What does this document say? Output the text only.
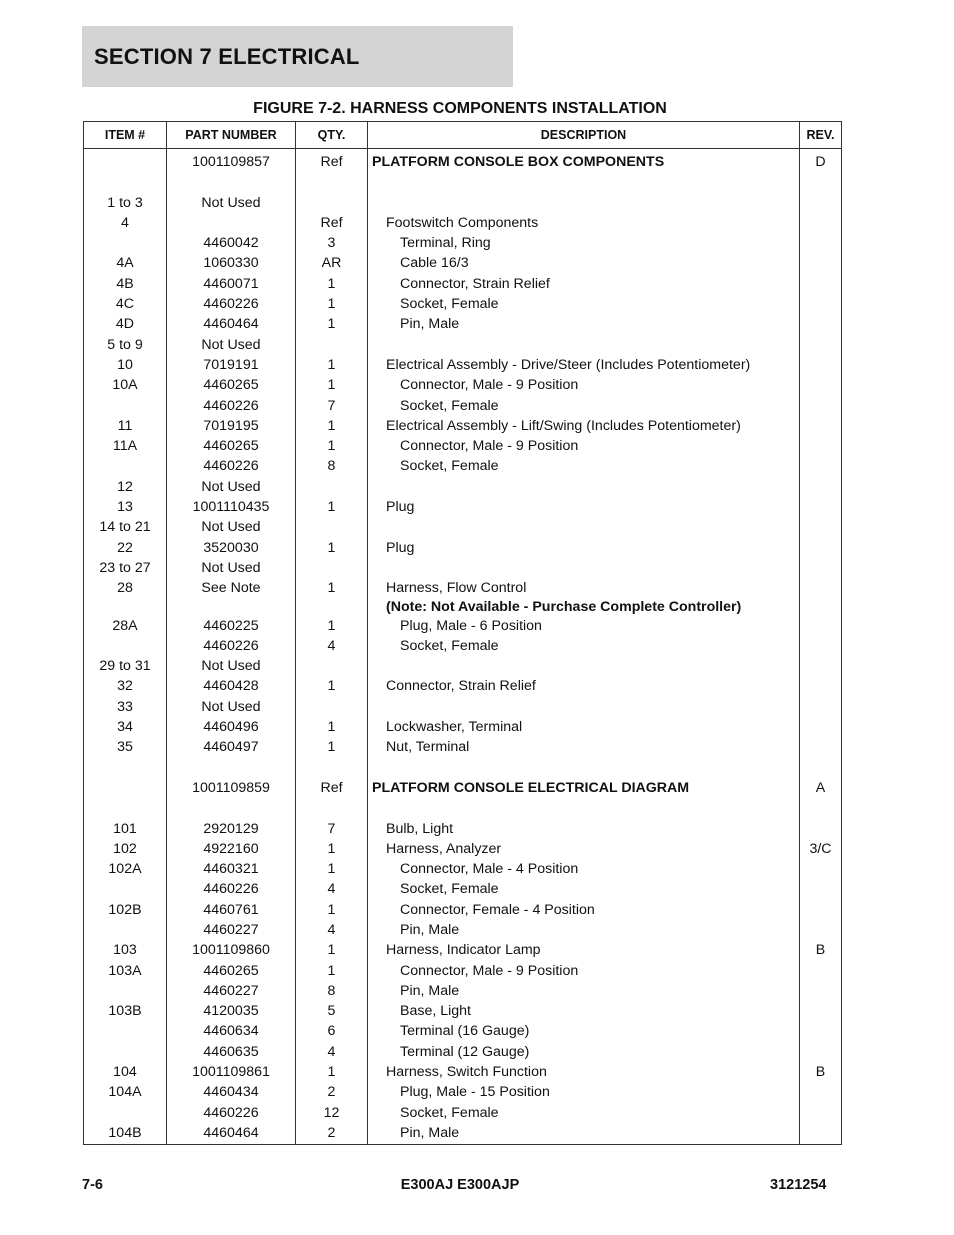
SECTION 7 ELECTRICAL
FIGURE 7-2. HARNESS COMPONENTS INSTALLATION
ITEM #	PART NUMBER	QTY.	DESCRIPTION	REV.
	1001109857	Ref	PLATFORM CONSOLE BOX COMPONENTS	D

1 to 3	Not Used			
4		Ref	Footswitch Components	
	4460042	3	Terminal, Ring	
4A	1060330	AR	Cable 16/3	
4B	4460071	1	Connector, Strain Relief	
4C	4460226	1	Socket, Female	
4D	4460464	1	Pin, Male	
5 to 9	Not Used			
10	7019191	1	Electrical Assembly - Drive/Steer (Includes Potentiometer)	
10A	4460265	1	Connector, Male - 9 Position	
	4460226	7	Socket, Female	
11	7019195	1	Electrical Assembly - Lift/Swing (Includes Potentiometer)	
11A	4460265	1	Connector, Male - 9 Position	
	4460226	8	Socket, Female	
12	Not Used			
13	1001110435	1	Plug	
14 to 21	Not Used			
22	3520030	1	Plug	
23 to 27	Not Used			
28	See Note	1	Harness, Flow Control	
			(Note: Not Available - Purchase Complete Controller)	
28A	4460225	1	Plug, Male - 6 Position	
	4460226	4	Socket, Female	
29 to 31	Not Used			
32	4460428	1	Connector, Strain Relief	
33	Not Used			
34	4460496	1	Lockwasher, Terminal	
35	4460497	1	Nut, Terminal	

	1001109859	Ref	PLATFORM CONSOLE ELECTRICAL DIAGRAM	A

101	2920129	7	Bulb, Light	
102	4922160	1	Harness, Analyzer	3/C
102A	4460321	1	Connector, Male - 4 Position	
	4460226	4	Socket, Female	
102B	4460761	1	Connector, Female - 4 Position	
	4460227	4	Pin, Male	
103	1001109860	1	Harness, Indicator Lamp	B
103A	4460265	1	Connector, Male - 9 Position	
	4460227	8	Pin, Male	
103B	4120035	5	Base, Light	
	4460634	6	Terminal (16 Gauge)	
	4460635	4	Terminal (12 Gauge)	
104	1001109861	1	Harness, Switch Function	B
104A	4460434	2	Plug, Male - 15 Position	
	4460226	12	Socket, Female	
104B	4460464	2	Pin, Male	
7-6	E300AJ E300AJP	3121254
